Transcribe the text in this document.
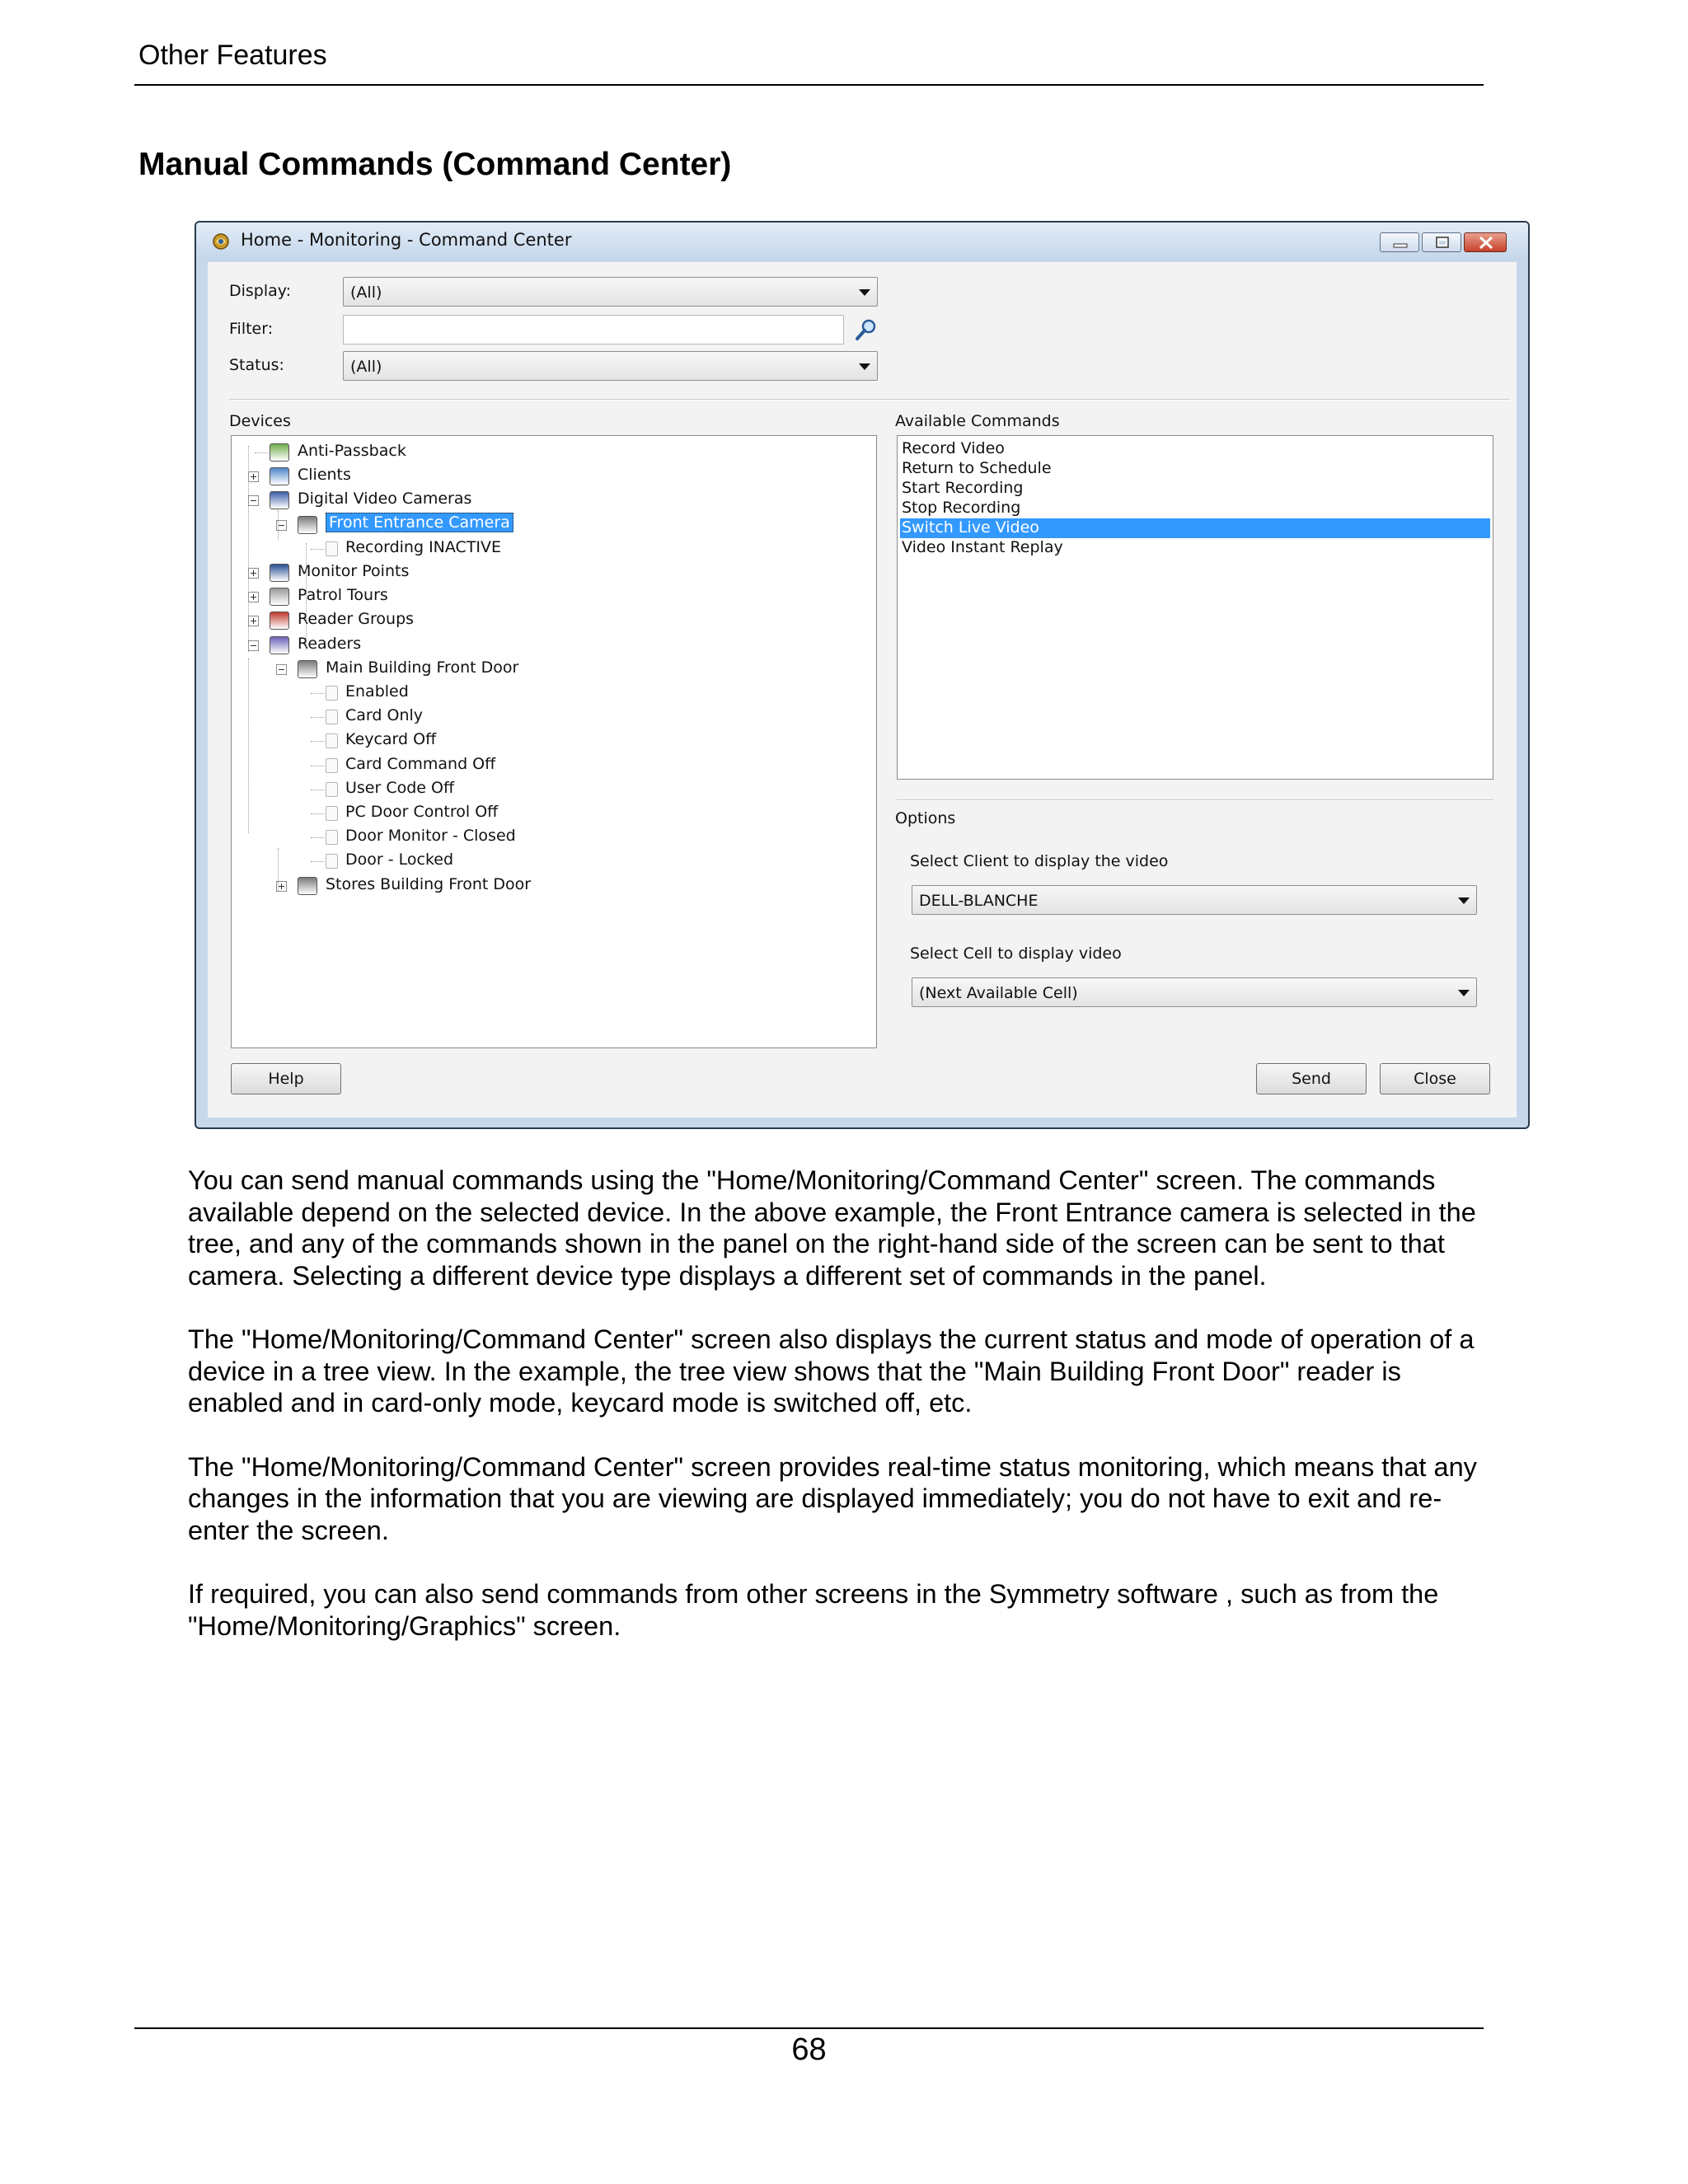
Other Features
Manual Commands (Command Center)
Home - Monitoring - Command Center
Display:	(All)
Filter:
Status:	(All)
Devices	Available Commands
Anti-Passback
Clients
Digital Video Cameras
Front Entrance Camera
Recording INACTIVE
Monitor Points
Patrol Tours
Reader Groups
Readers
Main Building Front Door
Enabled
Card Only
Keycard Off
Card Command Off
User Code Off
PC Door Control Off
Door Monitor - Closed
Door - Locked
Stores Building Front Door
Record Video
Return to Schedule
Start Recording
Stop Recording
Switch Live Video
Video Instant Replay
Options
Select Client to display the video
DELL-BLANCHE
Select Cell to display video
(Next Available Cell)
Help	Send	Close

You can send manual commands using the "Home/Monitoring/Command Center" screen. The commands available depend on the selected device. In the above example, the Front Entrance camera is selected in the tree, and any of the commands shown in the panel on the right-hand side of the screen can be sent to that camera. Selecting a different device type displays a different set of commands in the panel.

The "Home/Monitoring/Command Center" screen also displays the current status and mode of operation of a device in a tree view. In the example, the tree view shows that the "Main Building Front Door" reader is enabled and in card-only mode, keycard mode is switched off, etc.

The "Home/Monitoring/Command Center" screen provides real-time status monitoring, which means that any changes in the information that you are viewing are displayed immediately; you do not have to exit and re-enter the screen.

If required, you can also send commands from other screens in the Symmetry software , such as from the "Home/Monitoring/Graphics" screen.

68
